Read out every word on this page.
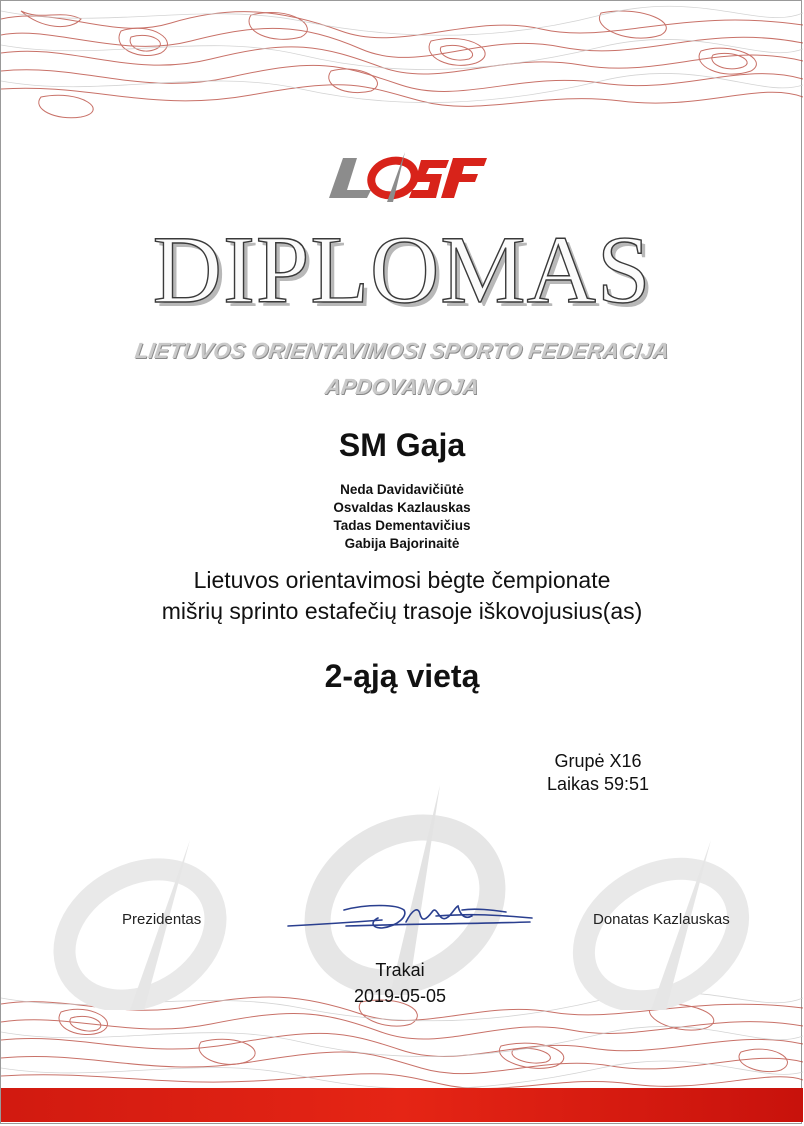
DIPLOMAS
LIETUVOS ORIENTAVIMOSI SPORTO FEDERACIJA
APDOVANOJA
SM Gaja
Neda Davidavičiūtė
Osvaldas Kazlauskas
Tadas Dementavičius
Gabija Bajorinaitė
Lietuvos orientavimosi bėgte čempionate
mišrių sprinto estafečių trasoje iškovojusius(as)
2-ąją vietą
Grupė X16
Laikas 59:51
Prezidentas	Donatas Kazlauskas
Trakai
2019-05-05
